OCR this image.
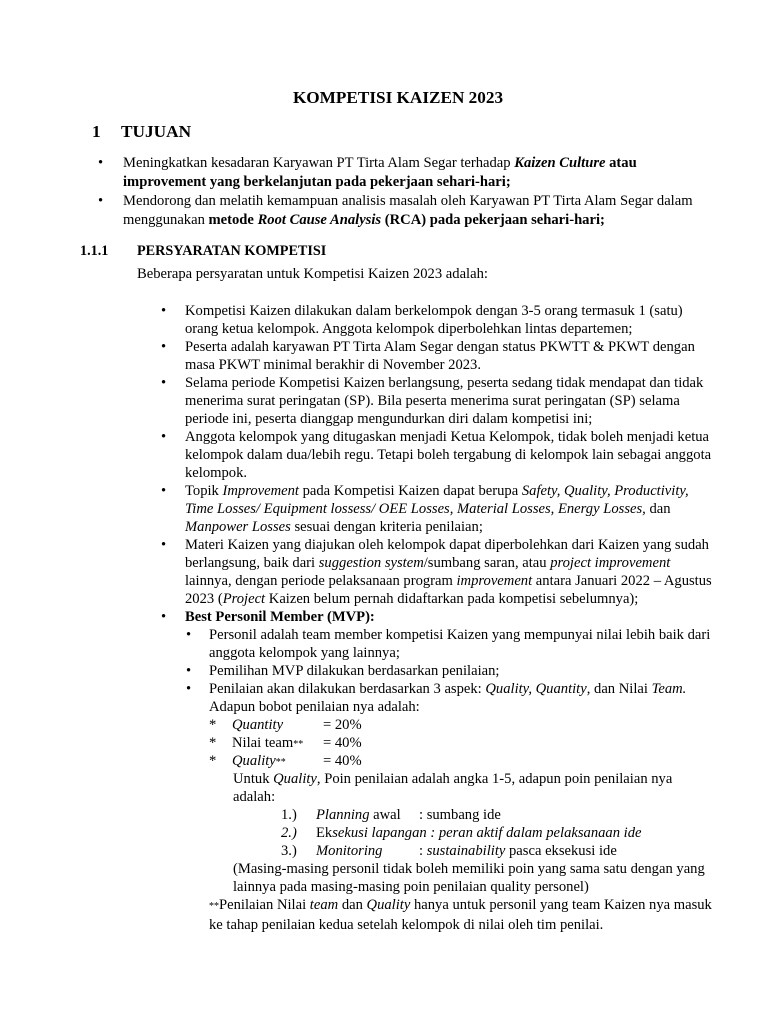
KOMPETISI KAIZEN 2023
1 TUJUAN
• Meningkatkan kesadaran Karyawan PT Tirta Alam Segar terhadap Kaizen Culture atau improvement yang berkelanjutan pada pekerjaan sehari-hari;
• Mendorong dan melatih kemampuan analisis masalah oleh Karyawan PT Tirta Alam Segar dalam menggunakan metode Root Cause Analysis (RCA) pada pekerjaan sehari-hari;
1.1.1 PERSYARATAN KOMPETISI
Beberapa persyaratan untuk Kompetisi Kaizen 2023 adalah:
• Kompetisi Kaizen dilakukan dalam berkelompok dengan 3-5 orang termasuk 1 (satu) orang ketua kelompok. Anggota kelompok diperbolehkan lintas departemen;
• Peserta adalah karyawan PT Tirta Alam Segar dengan status PKWTT & PKWT dengan masa PKWT minimal berakhir di November 2023.
• Selama periode Kompetisi Kaizen berlangsung, peserta sedang tidak mendapat dan tidak menerima surat peringatan (SP). Bila peserta menerima surat peringatan (SP) selama periode ini, peserta dianggap mengundurkan diri dalam kompetisi ini;
• Anggota kelompok yang ditugaskan menjadi Ketua Kelompok, tidak boleh menjadi ketua kelompok dalam dua/lebih regu. Tetapi boleh tergabung di kelompok lain sebagai anggota kelompok.
• Topik Improvement pada Kompetisi Kaizen dapat berupa Safety, Quality, Productivity, Time Losses/ Equipment lossess/ OEE Losses, Material Losses, Energy Losses, dan Manpower Losses sesuai dengan kriteria penilaian;
• Materi Kaizen yang diajukan oleh kelompok dapat diperbolehkan dari Kaizen yang sudah berlangsung, baik dari suggestion system/sumbang saran, atau project improvement lainnya, dengan periode pelaksanaan program improvement antara Januari 2022 – Agustus 2023 (Project Kaizen belum pernah didaftarkan pada kompetisi sebelumnya);
• Best Personil Member (MVP):
• Personil adalah team member kompetisi Kaizen yang mempunyai nilai lebih baik dari anggota kelompok yang lainnya;
• Pemilihan MVP dilakukan berdasarkan penilaian;
• Penilaian akan dilakukan berdasarkan 3 aspek: Quality, Quantity, dan Nilai Team.
Adapun bobot penilaian nya adalah:
* Quantity	= 20%
* Nilai team** = 40%
* Quality**	= 40%
Untuk Quality, Poin penilaian adalah angka 1-5, adapun poin penilaian nya adalah:
1.) Planning awal : sumbang ide
2.) Eksekusi lapangan : peran aktif dalam pelaksanaan ide
3.) Monitoring	: sustainability pasca eksekusi ide
(Masing-masing personil tidak boleh memiliki poin yang sama satu dengan yang lainnya pada masing-masing poin penilaian quality personel)
**Penilaian Nilai team dan Quality hanya untuk personil yang team Kaizen nya masuk ke tahap penilaian kedua setelah kelompok di nilai oleh tim penilai.
